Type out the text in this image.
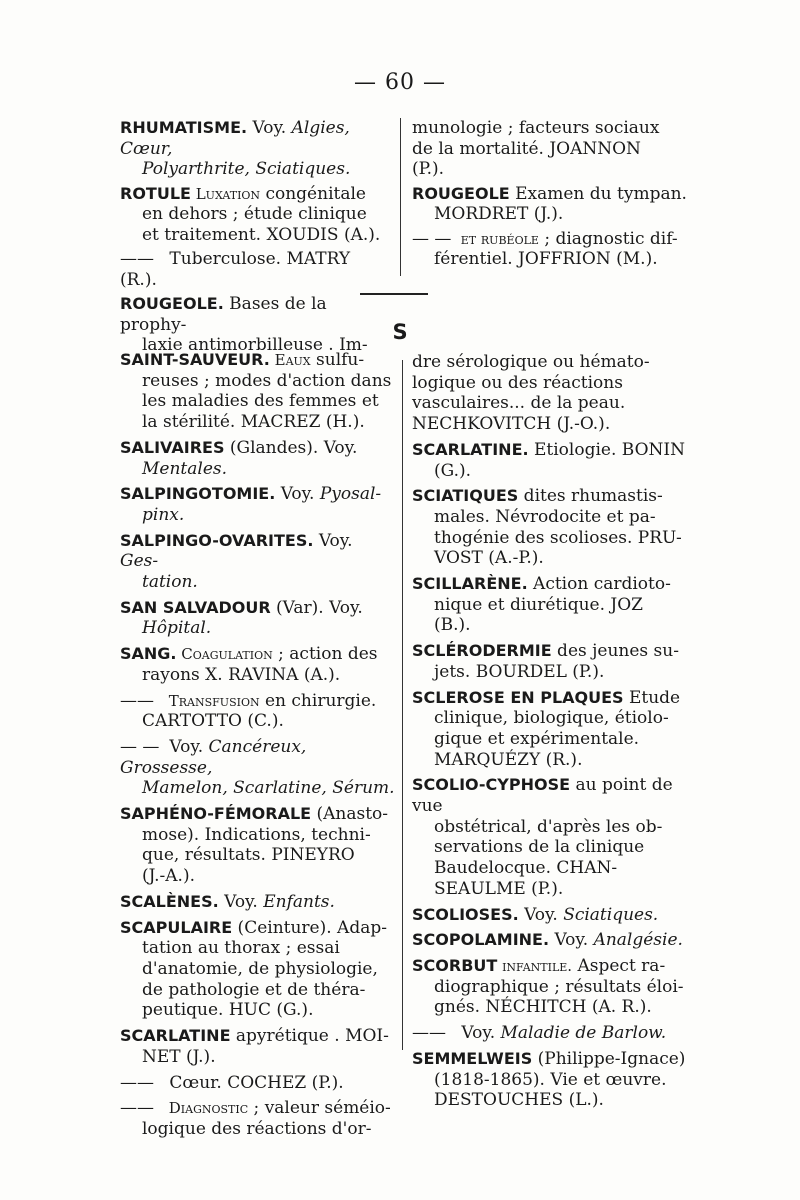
— 60 —
RHUMATISME. Voy. Algies, Cœur,
Polyarthrite, Sciatiques.
ROTULE Luxation congénitale
en dehors ; étude clinique
et traitement. XOUDIS (A.).
—— Tuberculose. MATRY (R.).
ROUGEOLE. Bases de la prophy-
laxie antimorbilleuse . Im-
munologie ; facteurs sociaux
de la mortalité. JOANNON
(P.).
ROUGEOLE Examen du tympan.
MORDRET (J.).
— — et rubéole ; diagnostic dif-
férentiel. JOFFRION (M.).
S
SAINT-SAUVEUR. Eaux sulfu-
reuses ; modes d'action dans
les maladies des femmes et
la stérilité. MACREZ (H.).
SALIVAIRES (Glandes). Voy.
Mentales.
SALPINGOTOMIE. Voy. Pyosal-
pinx.
SALPINGO-OVARITES. Voy. Ges-
tation.
SAN SALVADOUR (Var). Voy.
Hôpital.
SANG. Coagulation ; action des
rayons X. RAVINA (A.).
—— Transfusion en chirurgie.
CARTOTTO (C.).
— — Voy. Cancéreux, Grossesse,
Mamelon, Scarlatine, Sérum.
SAPHÉNO-FÉMORALE (Anasto-
mose). Indications, techni-
que, résultats. PINEYRO
(J.-A.).
SCALÈNES. Voy. Enfants.
SCAPULAIRE (Ceinture). Adap-
tation au thorax ; essai
d'anatomie, de physiologie,
de pathologie et de théra-
peutique. HUC (G.).
SCARLATINE apyrétique . MOI-
NET (J.).
—— Cœur. COCHEZ (P.).
—— Diagnostic ; valeur séméio-
logique des réactions d'or-
dre sérologique ou hémato-
logique ou des réactions
vasculaires... de la peau.
NECHKOVITCH (J.-O.).
SCARLATINE. Etiologie. BONIN
(G.).
SCIATIQUES dites rhumastis-
males. Névrodocite et pa-
thogénie des scolioses. PRU-
VOST (A.-P.).
SCILLARÈNE. Action cardioto-
nique et diurétique. JOZ
(B.).
SCLÉRODERMIE des jeunes su-
jets. BOURDEL (P.).
SCLEROSE EN PLAQUES Etude
clinique, biologique, étiolo-
gique et expérimentale.
MARQUÉZY (R.).
SCOLIO-CYPHOSE au point de vue
obstétrical, d'après les ob-
servations de la clinique
Baudelocque. CHAN-
SEAULME (P.).
SCOLIOSES. Voy. Sciatiques.
SCOPOLAMINE. Voy. Analgésie.
SCORBUT infantile. Aspect ra-
diographique ; résultats éloi-
gnés. NÉCHITCH (A. R.).
—— Voy. Maladie de Barlow.
SEMMELWEIS (Philippe-Ignace)
(1818-1865). Vie et œuvre.
DESTOUCHES (L.).
